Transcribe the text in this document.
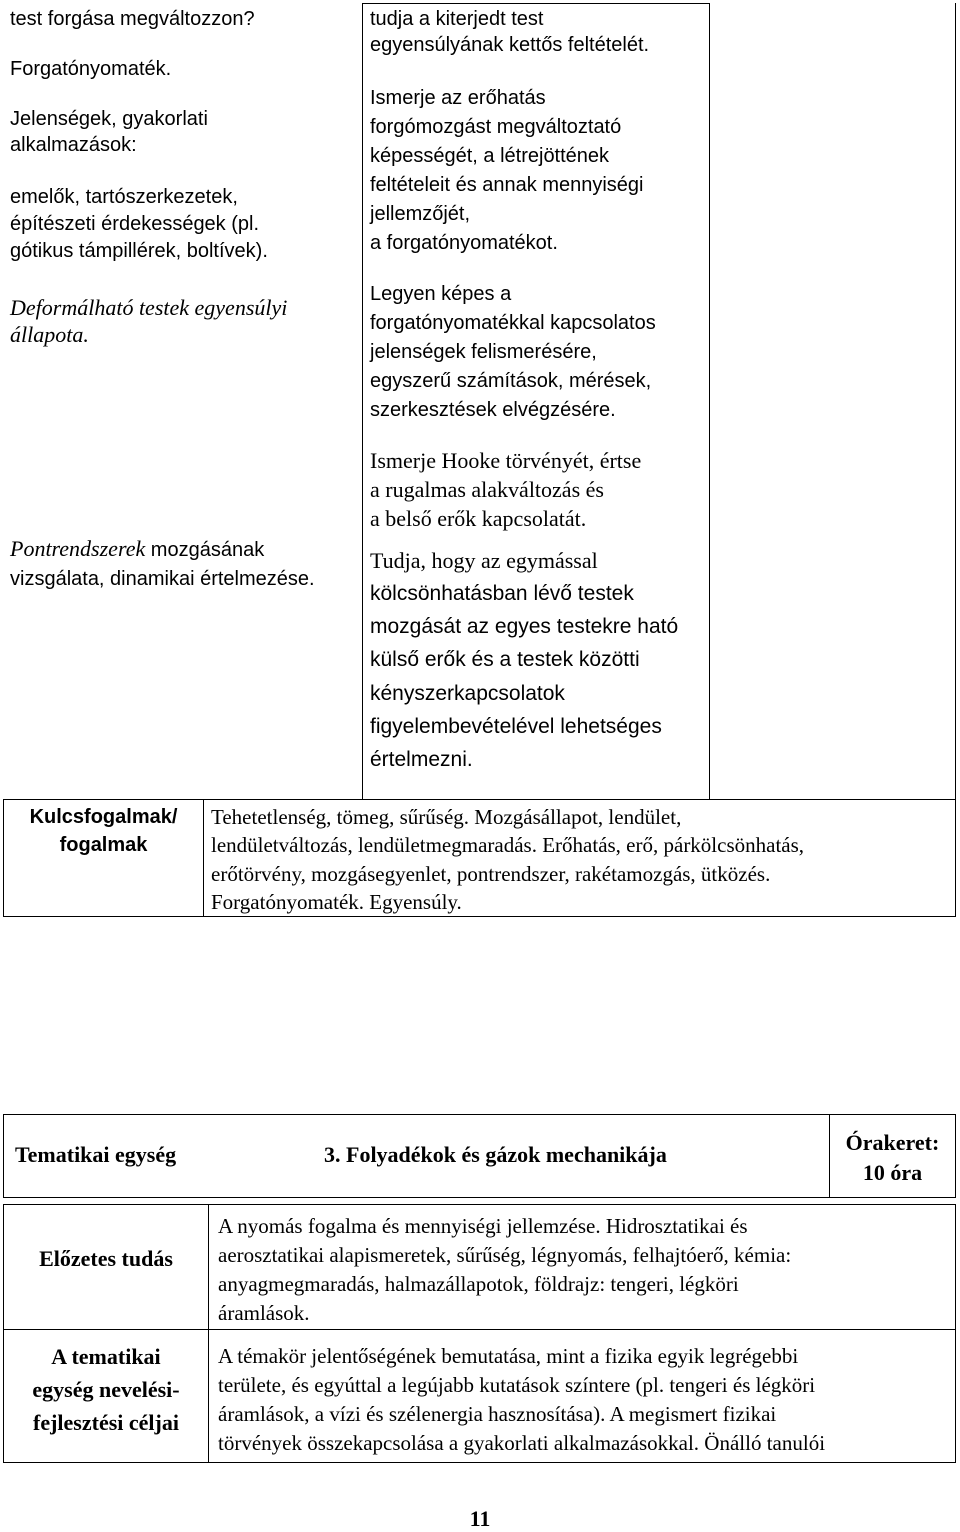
test forgása megváltozzon?
Forgatónyomaték.
Jelenségek, gyakorlati
alkalmazások:
emelők, tartószerkezetek,
építészeti érdekességek (pl.
gótikus támpillérek, boltívek).
Deformálható testek egyensúlyi
állapota.
Pontrendszerek mozgásának
vizsgálata, dinamikai értelmezése.
tudja a kiterjedt test
egyensúlyának kettős feltételét.
Ismerje az erőhatás
forgómozgást megváltoztató
képességét, a létrejöttének
feltételeit és annak mennyiségi
jellemzőjét,
a forgatónyomatékot.
Legyen képes a
forgatónyomatékkal kapcsolatos
jelenségek felismerésére,
egyszerű számítások, mérések,
szerkesztések elvégzésére.
Ismerje Hooke törvényét, értse
a rugalmas alakváltozás és
a belső erők kapcsolatát.
Tudja, hogy az egymással
kölcsönhatásban lévő testek
mozgását az egyes testekre ható
külső erők és a testek közötti
kényszerkapcsolatok
figyelembevételével lehetséges
értelmezni.
Kulcsfogalmak/
fogalmak
Tehetetlenség, tömeg, sűrűség. Mozgásállapot, lendület,
lendületváltozás, lendületmegmaradás. Erőhatás, erő, párkölcsönhatás,
erőtörvény, mozgásegyenlet, pontrendszer, rakétamozgás, ütközés.
Forgatónyomaték. Egyensúly.
Tematikai egység	3. Folyadékok és gázok mechanikája	Órakeret:
10 óra
Előzetes tudás
A nyomás fogalma és mennyiségi jellemzése. Hidrosztatikai és
aerosztatikai alapismeretek, sűrűség, légnyomás, felhajtóerő, kémia:
anyagmegmaradás, halmazállapotok, földrajz: tengeri, légköri
áramlások.
A tematikai
egység nevelési-
fejlesztési céljai
A témakör jelentőségének bemutatása, mint a fizika egyik legrégebbi
területe, és egyúttal a legújabb kutatások színtere (pl. tengeri és légköri
áramlások, a vízi és szélenergia hasznosítása). A megismert fizikai
törvények összekapcsolása a gyakorlati alkalmazásokkal. Önálló tanulói
11
